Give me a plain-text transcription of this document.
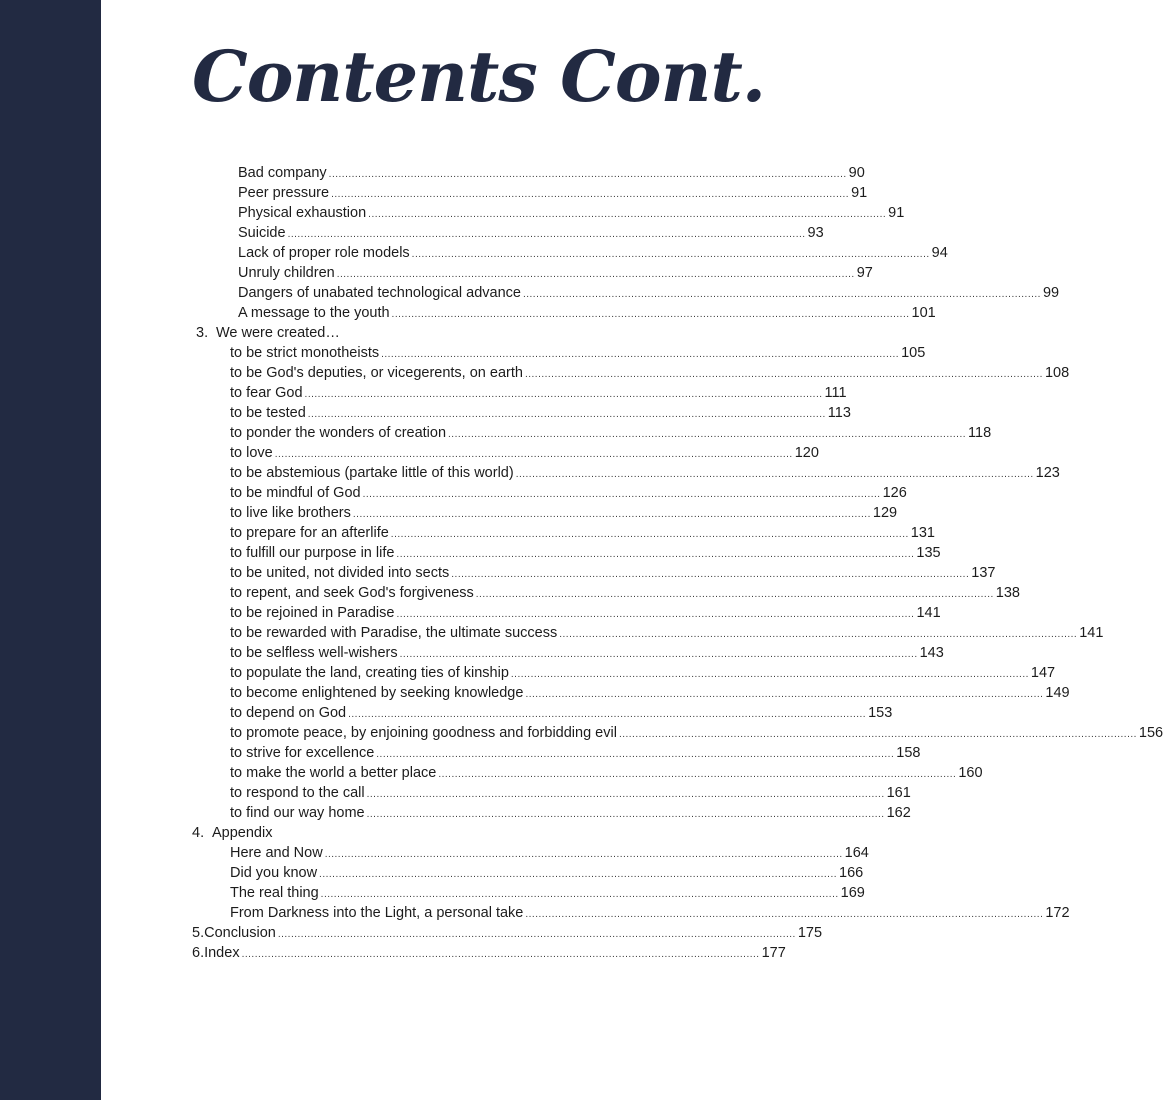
Contents Cont.
Bad company .............................................................................................................................................................. 90
Peer pressure .............................................................................................................................................................. 91
Physical exhaustion .............................................................................................................................................................. 91
Suicide .............................................................................................................................................................. 93
Lack of proper role models .............................................................................................................................................................. 94
Unruly children .............................................................................................................................................................. 97
Dangers of unabated technological advance .............................................................................................................................................................. 99
A message to the youth .............................................................................................................................................................. 101
3. We were created…
to be strict monotheists .............................................................................................................................................................. 105
to be God's deputies, or vicegerents, on earth .............................................................................................................................................................. 108
to fear God .............................................................................................................................................................. 111
to be tested .............................................................................................................................................................. 113
to ponder the wonders of creation .............................................................................................................................................................. 118
to love .............................................................................................................................................................. 120
to be abstemious (partake little of this world) .............................................................................................................................................................. 123
to be mindful of God .............................................................................................................................................................. 126
to live like brothers .............................................................................................................................................................. 129
to prepare for an afterlife .............................................................................................................................................................. 131
to fulfill our purpose in life .............................................................................................................................................................. 135
to be united, not divided into sects .............................................................................................................................................................. 137
to repent, and seek God's forgiveness .............................................................................................................................................................. 138
to be rejoined in Paradise .............................................................................................................................................................. 141
to be rewarded with Paradise, the ultimate success .............................................................................................................................................................. 141
to be selfless well-wishers .............................................................................................................................................................. 143
to populate the land, creating ties of kinship .............................................................................................................................................................. 147
to become enlightened by seeking knowledge .............................................................................................................................................................. 149
to depend on God .............................................................................................................................................................. 153
to promote peace, by enjoining goodness and forbidding evil .............................................................................................................................................................. 156
to strive for excellence .............................................................................................................................................................. 158
to make the world a better place .............................................................................................................................................................. 160
to respond to the call .............................................................................................................................................................. 161
to find our way home .............................................................................................................................................................. 162
4. Appendix
Here and Now .............................................................................................................................................................. 164
Did you know .............................................................................................................................................................. 166
The real thing .............................................................................................................................................................. 169
From Darkness into the Light, a personal take .............................................................................................................................................................. 172
5. Conclusion .............................................................................................................................................................. 175
6. Index .............................................................................................................................................................. 177
